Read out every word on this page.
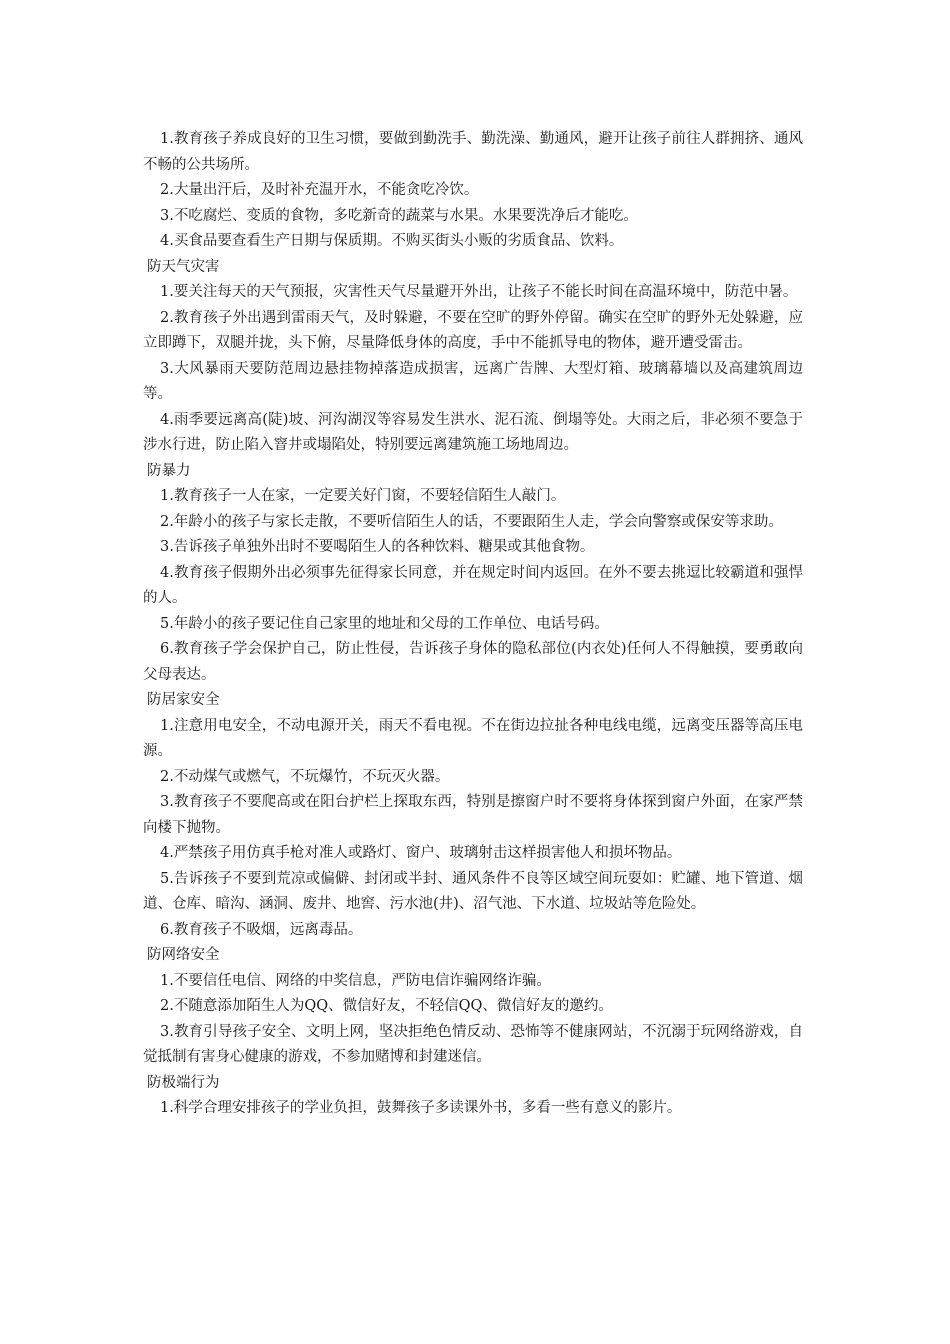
1.教育孩子养成良好的卫生习惯，要做到勤洗手、勤洗澡、勤通风，避开让孩子前往人群拥挤、通风不畅的公共场所。

2.大量出汗后，及时补充温开水，不能贪吃冷饮。

3.不吃腐烂、变质的食物，多吃新奇的蔬菜与水果。水果要洗净后才能吃。

4.买食品要查看生产日期与保质期。不购买街头小贩的劣质食品、饮料。

防天气灾害

1.要关注每天的天气预报，灾害性天气尽量避开外出，让孩子不能长时间在高温环境中，防范中暑。

2.教育孩子外出遇到雷雨天气，及时躲避，不要在空旷的野外停留。确实在空旷的野外无处躲避，应立即蹲下，双腿并拢，头下俯，尽量降低身体的高度，手中不能抓导电的物体，避开遭受雷击。

3.大风暴雨天要防范周边悬挂物掉落造成损害，远离广告牌、大型灯箱、玻璃幕墙以及高建筑周边等。

4.雨季要远离高(陡)坡、河沟湖汊等容易发生洪水、泥石流、倒塌等处。大雨之后，非必须不要急于涉水行进，防止陷入窨井或塌陷处，特别要远离建筑施工场地周边。

防暴力

1.教育孩子一人在家，一定要关好门窗，不要轻信陌生人敲门。

2.年龄小的孩子与家长走散，不要听信陌生人的话，不要跟陌生人走，学会向警察或保安等求助。

3.告诉孩子单独外出时不要喝陌生人的各种饮料、糖果或其他食物。

4.教育孩子假期外出必须事先征得家长同意，并在规定时间内返回。在外不要去挑逗比较霸道和强悍的人。

5.年龄小的孩子要记住自己家里的地址和父母的工作单位、电话号码。

6.教育孩子学会保护自己，防止性侵，告诉孩子身体的隐私部位(内衣处)任何人不得触摸，要勇敢向父母表达。

防居家安全

1.注意用电安全，不动电源开关，雨天不看电视。不在街边拉扯各种电线电缆，远离变压器等高压电源。

2.不动煤气或燃气，不玩爆竹，不玩灭火器。

3.教育孩子不要爬高或在阳台护栏上探取东西，特别是擦窗户时不要将身体探到窗户外面，在家严禁向楼下抛物。

4.严禁孩子用仿真手枪对准人或路灯、窗户、玻璃射击这样损害他人和损坏物品。

5.告诉孩子不要到荒凉或偏僻、封闭或半封、通风条件不良等区域空间玩耍如：贮罐、地下管道、烟道、仓库、暗沟、涵洞、废井、地窖、污水池(井)、沼气池、下水道、垃圾站等危险处。

6.教育孩子不吸烟，远离毒品。

防网络安全

1.不要信任电信、网络的中奖信息，严防电信诈骗网络诈骗。

2.不随意添加陌生人为QQ、微信好友，不轻信QQ、微信好友的邀约。

3.教育引导孩子安全、文明上网，坚决拒绝色情反动、恐怖等不健康网站，不沉溺于玩网络游戏，自觉抵制有害身心健康的游戏，不参加赌博和封建迷信。

防极端行为

1.科学合理安排孩子的学业负担，鼓舞孩子多读课外书，多看一些有意义的影片。
